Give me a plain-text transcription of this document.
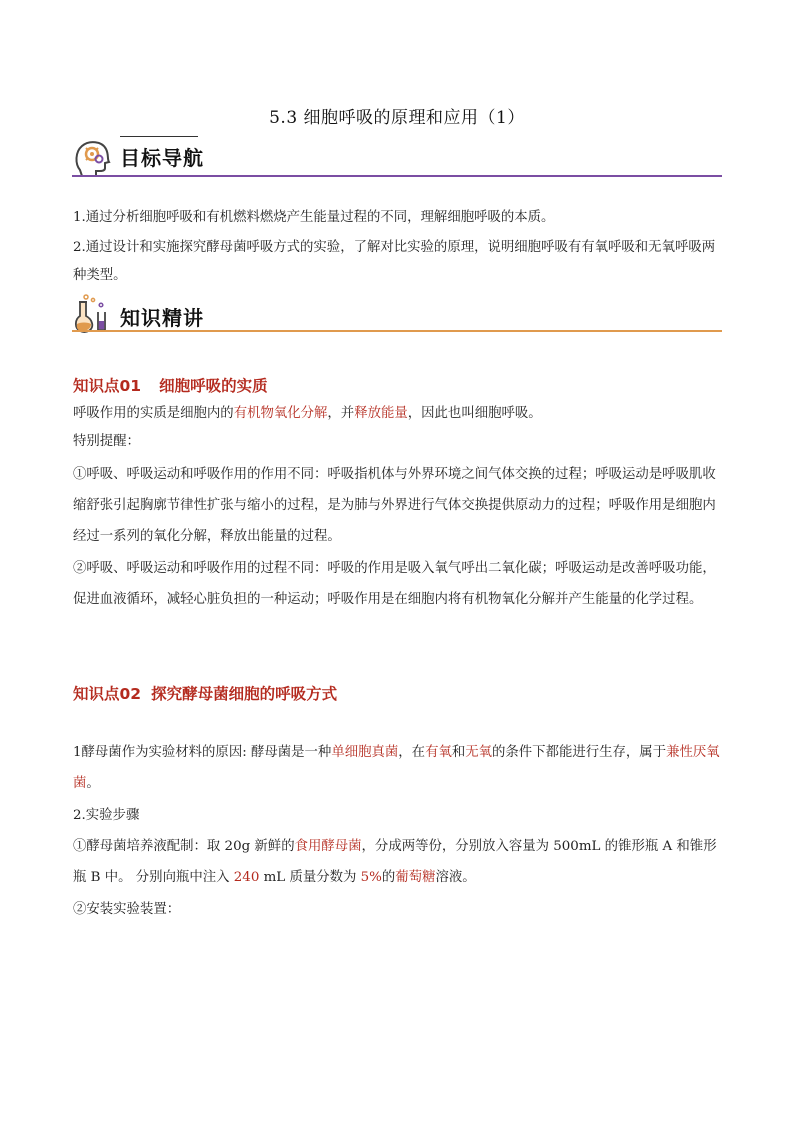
5.3 细胞呼吸的原理和应用（1）
目标导航
1.通过分析细胞呼吸和有机燃料燃烧产生能量过程的不同，理解细胞呼吸的本质。
2.通过设计和实施探究酵母菌呼吸方式的实验，了解对比实验的原理，说明细胞呼吸有有氧呼吸和无氧呼吸两种类型。
知识精讲
知识点01 细胞呼吸的实质
呼吸作用的实质是细胞内的有机物氧化分解，并释放能量，因此也叫细胞呼吸。
特别提醒：
①呼吸、呼吸运动和呼吸作用的作用不同：呼吸指机体与外界环境之间气体交换的过程；呼吸运动是呼吸肌收缩舒张引起胸廓节律性扩张与缩小的过程，是为肺与外界进行气体交换提供原动力的过程；呼吸作用是细胞内经过一系列的氧化分解，释放出能量的过程。
②呼吸、呼吸运动和呼吸作用的过程不同：呼吸的作用是吸入氧气呼出二氧化碳；呼吸运动是改善呼吸功能，促进血液循环，减轻心脏负担的一种运动；呼吸作用是在细胞内将有机物氧化分解并产生能量的化学过程。
知识点02 探究酵母菌细胞的呼吸方式
1酵母菌作为实验材料的原因: 酵母菌是一种单细胞真菌，在有氧和无氧的条件下都能进行生存，属于兼性厌氧菌。
2.实验步骤
①酵母菌培养液配制：取 20g 新鲜的食用酵母菌，分成两等份，分别放入容量为 500mL 的锥形瓶 A 和锥形瓶 B 中。 分别向瓶中注入 240 mL 质量分数为 5%的葡萄糖溶液。
②安装实验装置：
